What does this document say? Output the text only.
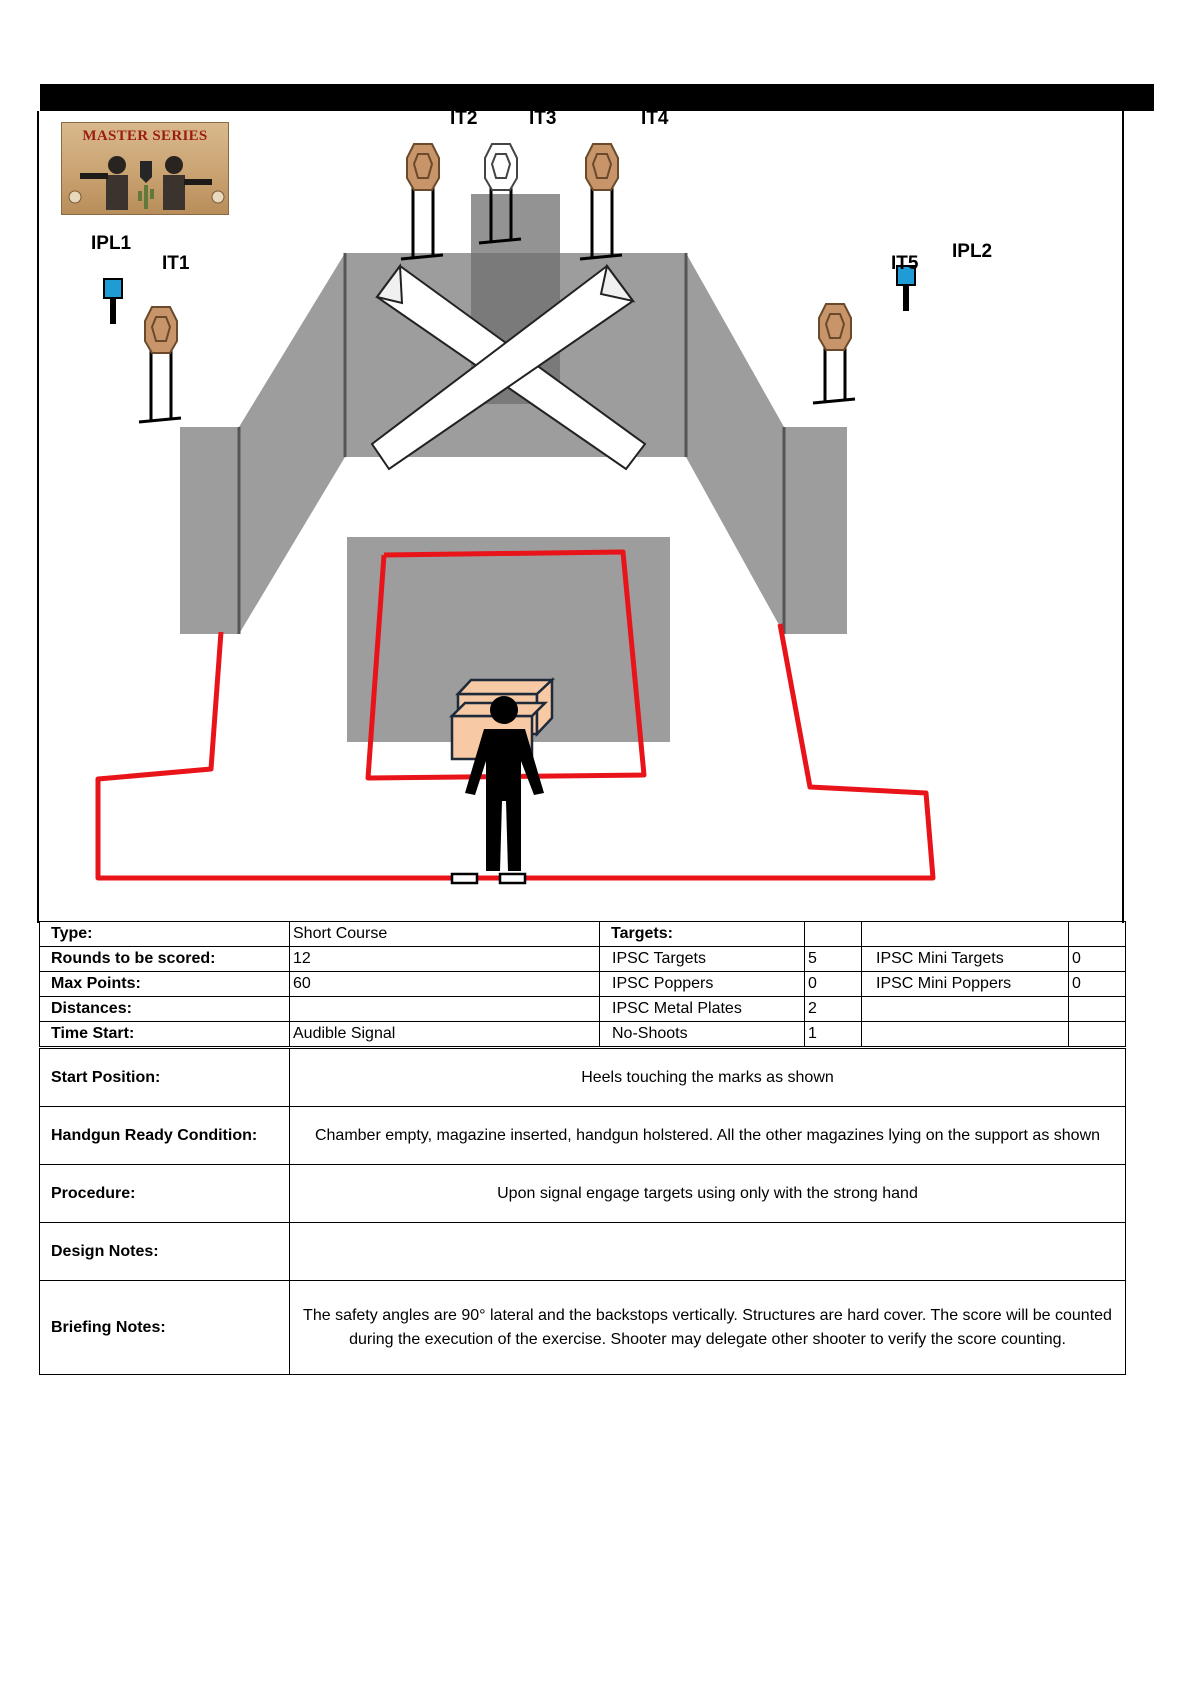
MASTER SERIES
IPL1
IT1
IT2	IT3	IT4
IT5
IPL2
Type:	Short Course	Targets:			
Rounds to be scored:	12	IPSC Targets	5	IPSC Mini Targets	0
Max Points:	60	IPSC Poppers	0	IPSC Mini Poppers	0
Distances:		IPSC Metal Plates	2		
Time Start:	Audible Signal	No-Shoots	1		
Start Position:	Heels touching the marks as shown
Handgun Ready Condition:	Chamber empty, magazine inserted, handgun holstered. All the other magazines lying on the support as shown
Procedure:	Upon signal engage targets using only with the strong hand
Design Notes:	
Briefing Notes:	The safety angles are 90° lateral and the backstops vertically. Structures are hard cover. The score will be counted during the execution of the exercise. Shooter may delegate other shooter to verify the score counting.
